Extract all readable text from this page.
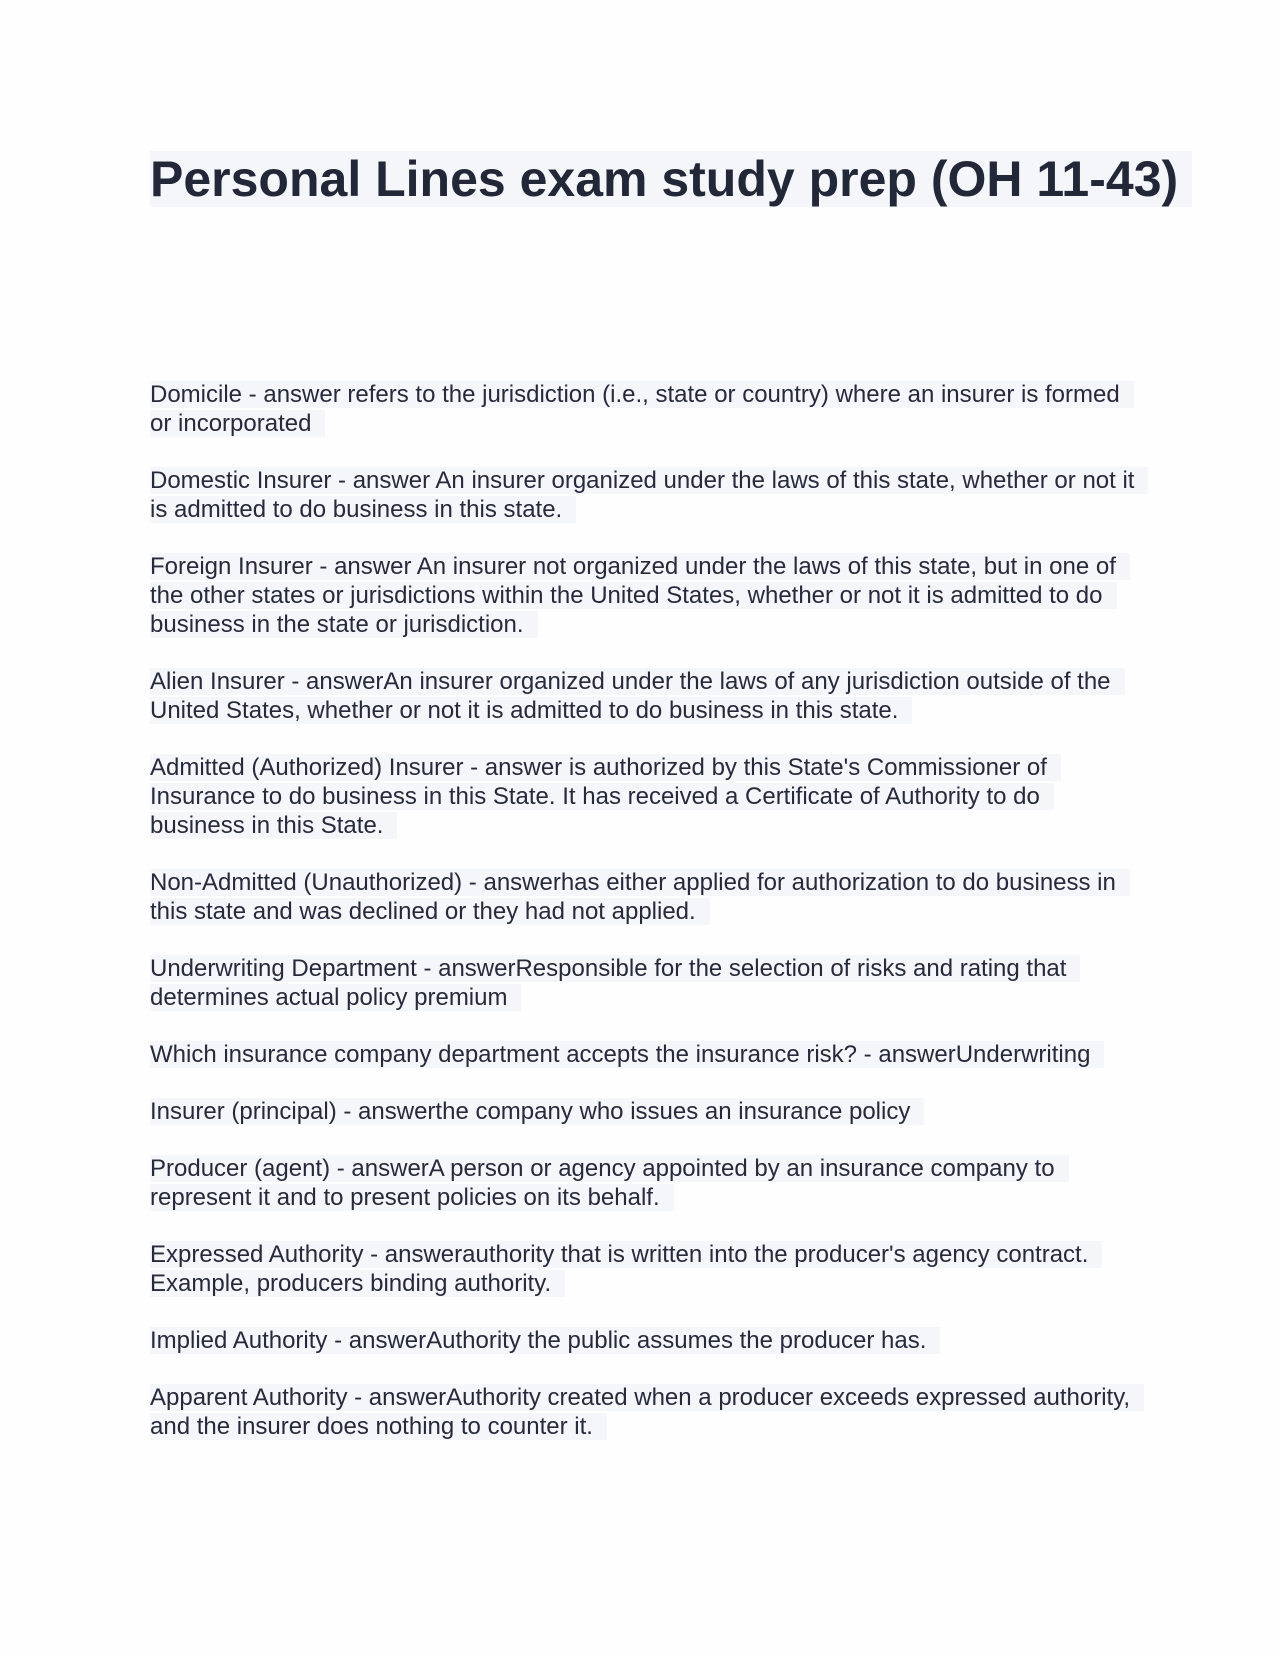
Personal Lines exam study prep (OH 11-43)

Domicile - answer refers to the jurisdiction (i.e., state or country) where an insurer is formed or incorporated

Domestic Insurer - answer An insurer organized under the laws of this state, whether or not it is admitted to do business in this state.

Foreign Insurer - answer An insurer not organized under the laws of this state, but in one of the other states or jurisdictions within the United States, whether or not it is admitted to do business in the state or jurisdiction.

Alien Insurer - answerAn insurer organized under the laws of any jurisdiction outside of the United States, whether or not it is admitted to do business in this state.

Admitted (Authorized) Insurer - answer is authorized by this State's Commissioner of Insurance to do business in this State. It has received a Certificate of Authority to do business in this State.

Non-Admitted (Unauthorized) - answerhas either applied for authorization to do business in this state and was declined or they had not applied.

Underwriting Department - answerResponsible for the selection of risks and rating that determines actual policy premium

Which insurance company department accepts the insurance risk? - answerUnderwriting

Insurer (principal) - answerthe company who issues an insurance policy

Producer (agent) - answerA person or agency appointed by an insurance company to represent it and to present policies on its behalf.

Expressed Authority - answerauthority that is written into the producer's agency contract. Example, producers binding authority.

Implied Authority - answerAuthority the public assumes the producer has.

Apparent Authority - answerAuthority created when a producer exceeds expressed authority, and the insurer does nothing to counter it.
